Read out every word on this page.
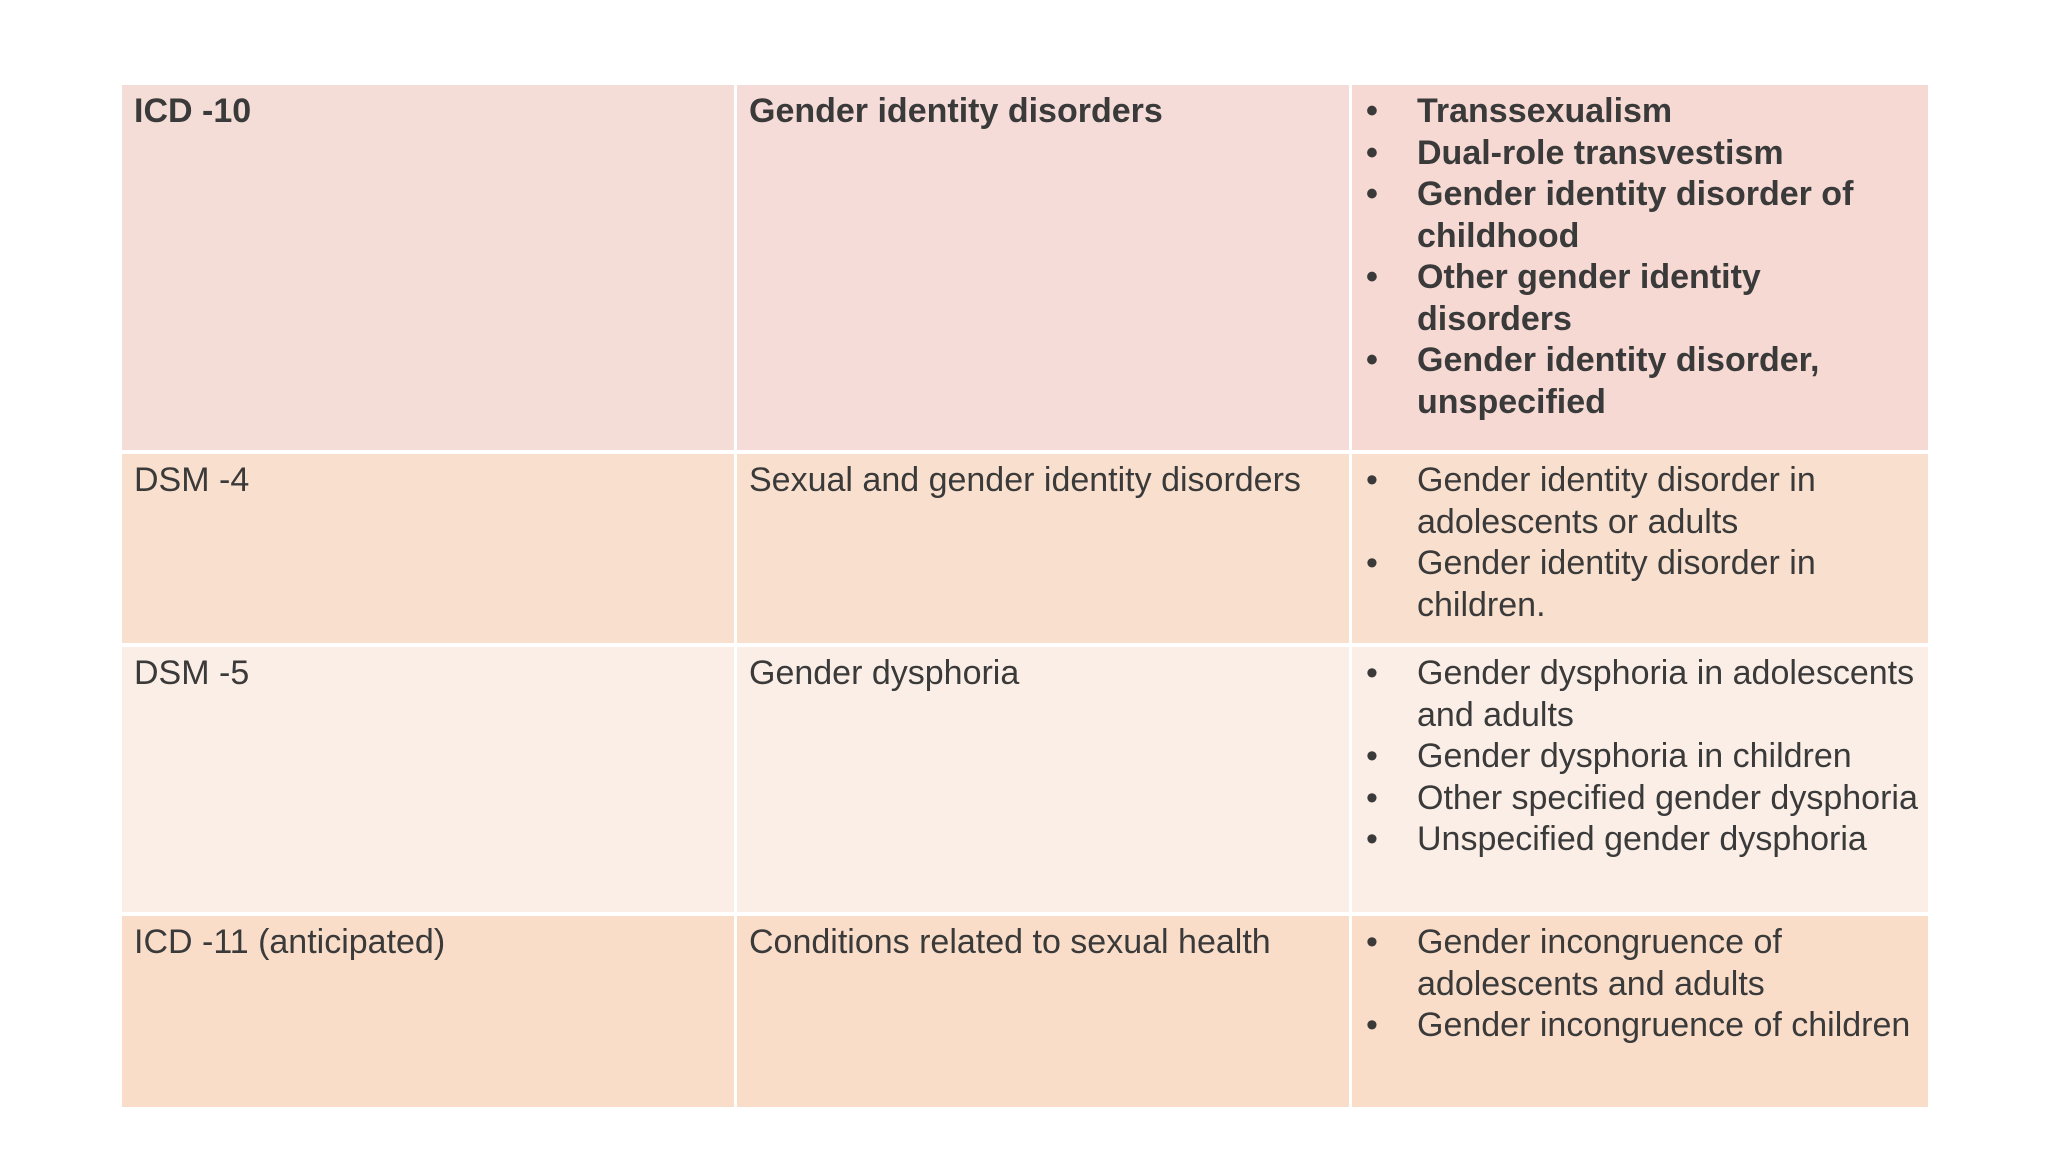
ICD -10	Gender identity disorders	• Transsexualism
• Dual-role transvestism
• Gender identity disorder of childhood
• Other gender identity disorders
• Gender identity disorder, unspecified
DSM -4	Sexual and gender identity disorders	• Gender identity disorder in adolescents or adults
• Gender identity disorder in children.
DSM -5	Gender dysphoria	• Gender dysphoria in adolescents and adults
• Gender dysphoria in children
• Other specified gender dysphoria
• Unspecified gender dysphoria
ICD -11 (anticipated)	Conditions related to sexual health	• Gender incongruence of adolescents and adults
• Gender incongruence of children
